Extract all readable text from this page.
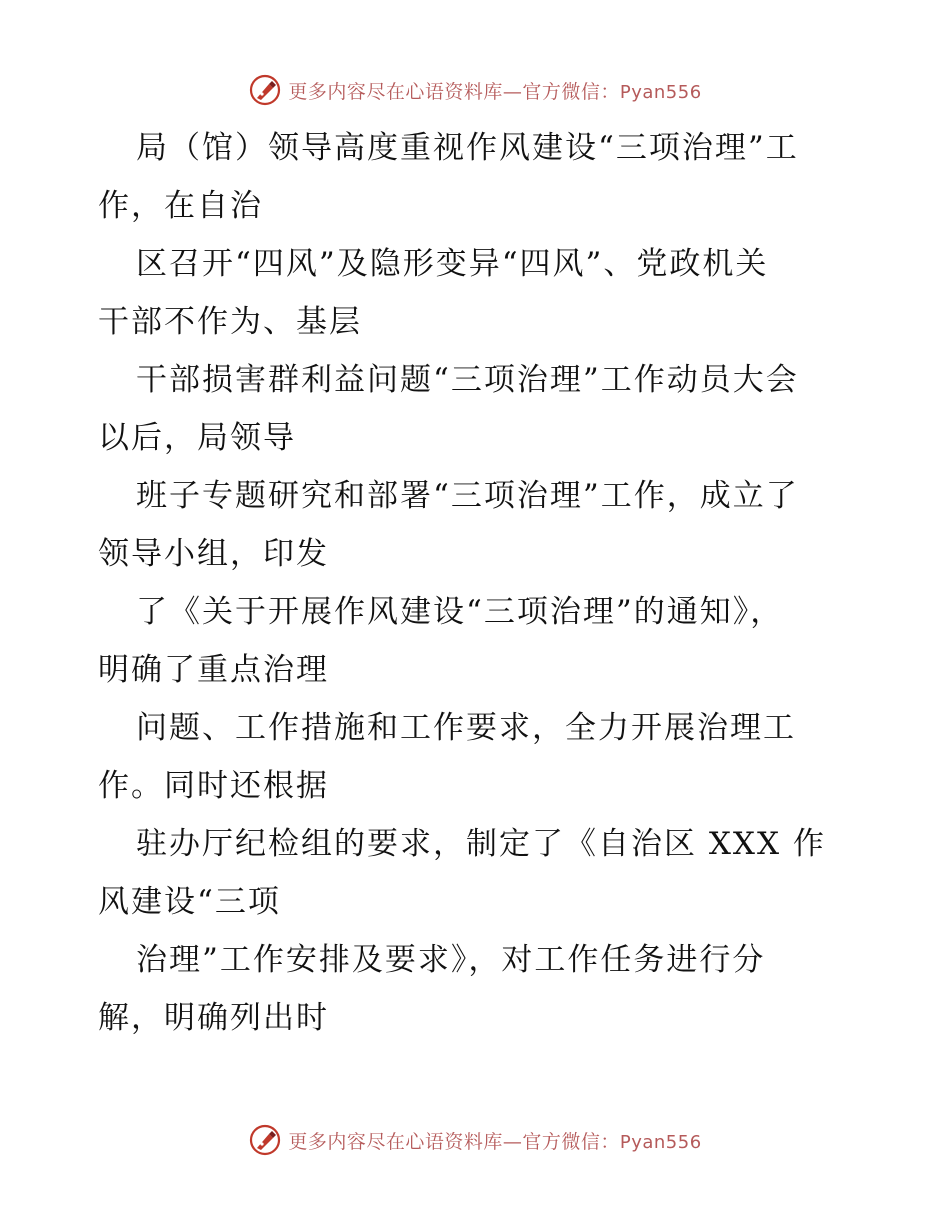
更多内容尽在心语资料库—官方微信：Pyan556
局（馆）领导高度重视作风建设“三项治理”工
作，在自治
区召开“四风”及隐形变异“四风”、党政机关
干部不作为、基层
干部损害群利益问题“三项治理”工作动员大会
以后，局领导
班子专题研究和部署“三项治理”工作，成立了
领导小组，印发
了《关于开展作风建设“三项治理”的通知》，
明确了重点治理
问题、工作措施和工作要求，全力开展治理工
作。同时还根据
驻办厅纪检组的要求，制定了《自治区 XXX 作
风建设“三项
治理”工作安排及要求》，对工作任务进行分
解，明确列出时
更多内容尽在心语资料库—官方微信：Pyan556
